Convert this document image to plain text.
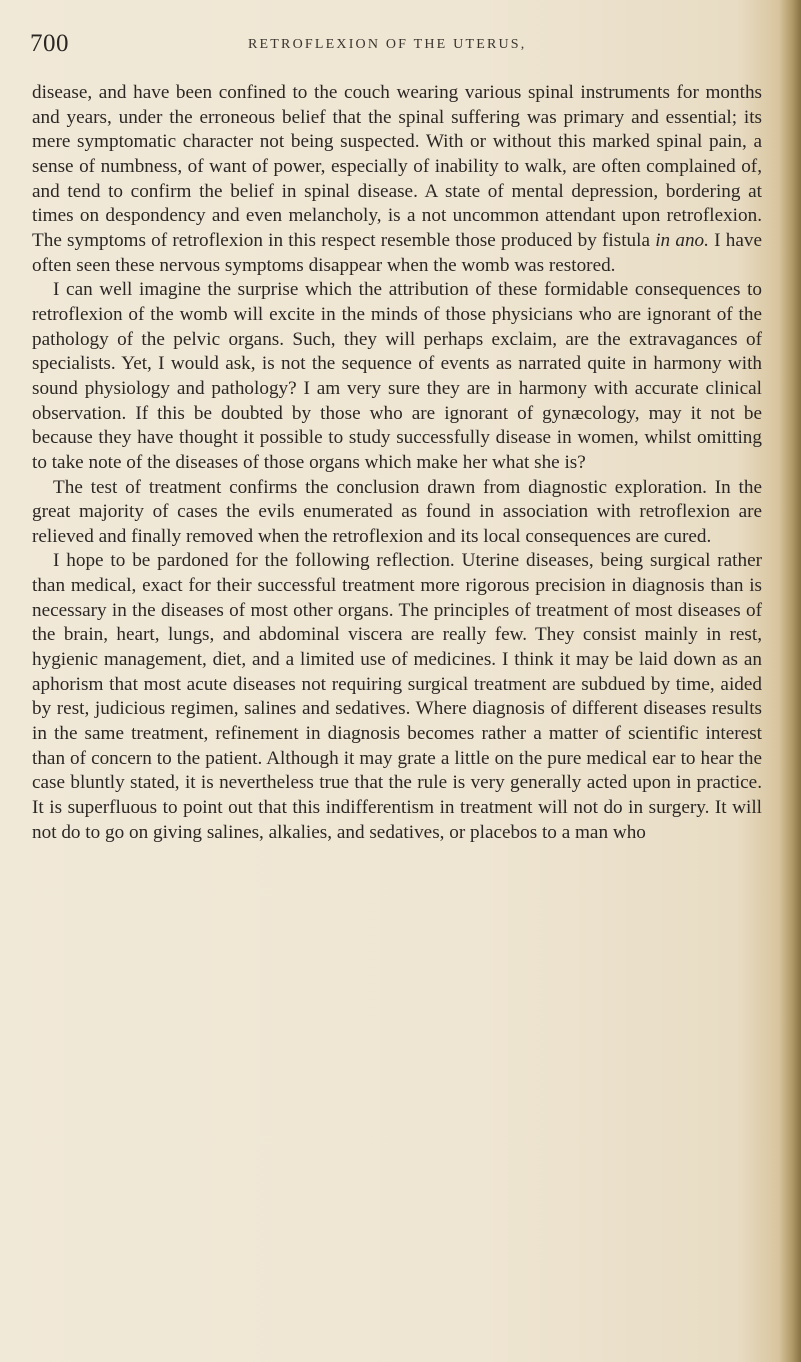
700	RETROFLEXION OF THE UTERUS,

disease, and have been confined to the couch wearing various spinal instruments for months and years, under the erroneous belief that the spinal suffering was primary and essential; its mere symptomatic character not being suspected. With or without this marked spinal pain, a sense of numbness, of want of power, especially of inability to walk, are often complained of, and tend to confirm the belief in spinal disease. A state of mental depression, bordering at times on despondency and even melancholy, is a not uncommon attendant upon retroflexion. The symptoms of retroflexion in this respect resemble those produced by fistula in ano. I have often seen these nervous symptoms disappear when the womb was restored.

I can well imagine the surprise which the attribution of these formidable consequences to retroflexion of the womb will excite in the minds of those physicians who are ignorant of the pathology of the pelvic organs. Such, they will perhaps exclaim, are the extravagances of specialists. Yet, I would ask, is not the sequence of events as narrated quite in harmony with sound physiology and pathology? I am very sure they are in harmony with accurate clinical observation. If this be doubted by those who are ignorant of gynæcology, may it not be because they have thought it possible to study successfully disease in women, whilst omitting to take note of the diseases of those organs which make her what she is?

The test of treatment confirms the conclusion drawn from diagnostic exploration. In the great majority of cases the evils enumerated as found in association with retroflexion are relieved and finally removed when the retroflexion and its local consequences are cured.

I hope to be pardoned for the following reflection. Uterine diseases, being surgical rather than medical, exact for their successful treatment more rigorous precision in diagnosis than is necessary in the diseases of most other organs. The principles of treatment of most diseases of the brain, heart, lungs, and abdominal viscera are really few. They consist mainly in rest, hygienic management, diet, and a limited use of medicines. I think it may be laid down as an aphorism that most acute diseases not requiring surgical treatment are subdued by time, aided by rest, judicious regimen, salines and sedatives. Where diagnosis of different diseases results in the same treatment, refinement in diagnosis becomes rather a matter of scientific interest than of concern to the patient. Although it may grate a little on the pure medical ear to hear the case bluntly stated, it is nevertheless true that the rule is very generally acted upon in practice. It is superfluous to point out that this indifferentism in treatment will not do in surgery. It will not do to go on giving salines, alkalies, and sedatives, or placebos to a man who
